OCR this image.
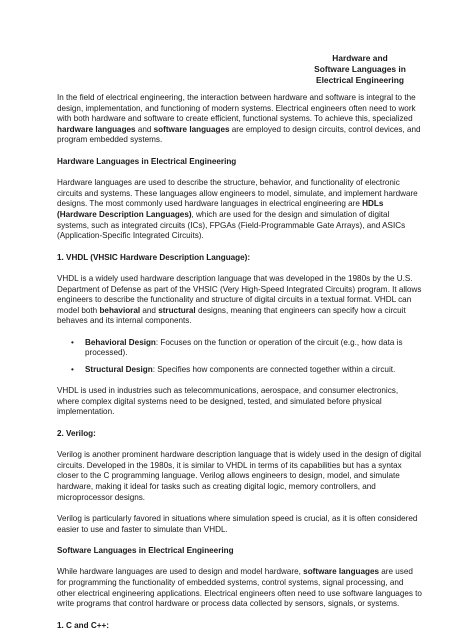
Hardware and
Software Languages in
Electrical Engineering

In the field of electrical engineering, the interaction between hardware and software is integral to the design, implementation, and functioning of modern systems. Electrical engineers often need to work with both hardware and software to create efficient, functional systems. To achieve this, specialized hardware languages and software languages are employed to design circuits, control devices, and program embedded systems.

Hardware Languages in Electrical Engineering

Hardware languages are used to describe the structure, behavior, and functionality of electronic circuits and systems. These languages allow engineers to model, simulate, and implement hardware designs. The most commonly used hardware languages in electrical engineering are HDLs (Hardware Description Languages), which are used for the design and simulation of digital systems, such as integrated circuits (ICs), FPGAs (Field-Programmable Gate Arrays), and ASICs (Application-Specific Integrated Circuits).

1. VHDL (VHSIC Hardware Description Language):

VHDL is a widely used hardware description language that was developed in the 1980s by the U.S. Department of Defense as part of the VHSIC (Very High-Speed Integrated Circuits) program. It allows engineers to describe the functionality and structure of digital circuits in a textual format. VHDL can model both behavioral and structural designs, meaning that engineers can specify how a circuit behaves and its internal components.

• Behavioral Design: Focuses on the function or operation of the circuit (e.g., how data is processed).
• Structural Design: Specifies how components are connected together within a circuit.

VHDL is used in industries such as telecommunications, aerospace, and consumer electronics, where complex digital systems need to be designed, tested, and simulated before physical implementation.

2. Verilog:

Verilog is another prominent hardware description language that is widely used in the design of digital circuits. Developed in the 1980s, it is similar to VHDL in terms of its capabilities but has a syntax closer to the C programming language. Verilog allows engineers to design, model, and simulate hardware, making it ideal for tasks such as creating digital logic, memory controllers, and microprocessor designs.

Verilog is particularly favored in situations where simulation speed is crucial, as it is often considered easier to use and faster to simulate than VHDL.

Software Languages in Electrical Engineering

While hardware languages are used to design and model hardware, software languages are used for programming the functionality of embedded systems, control systems, signal processing, and other electrical engineering applications. Electrical engineers often need to use software languages to write programs that control hardware or process data collected by sensors, signals, or systems.

1. C and C++:
